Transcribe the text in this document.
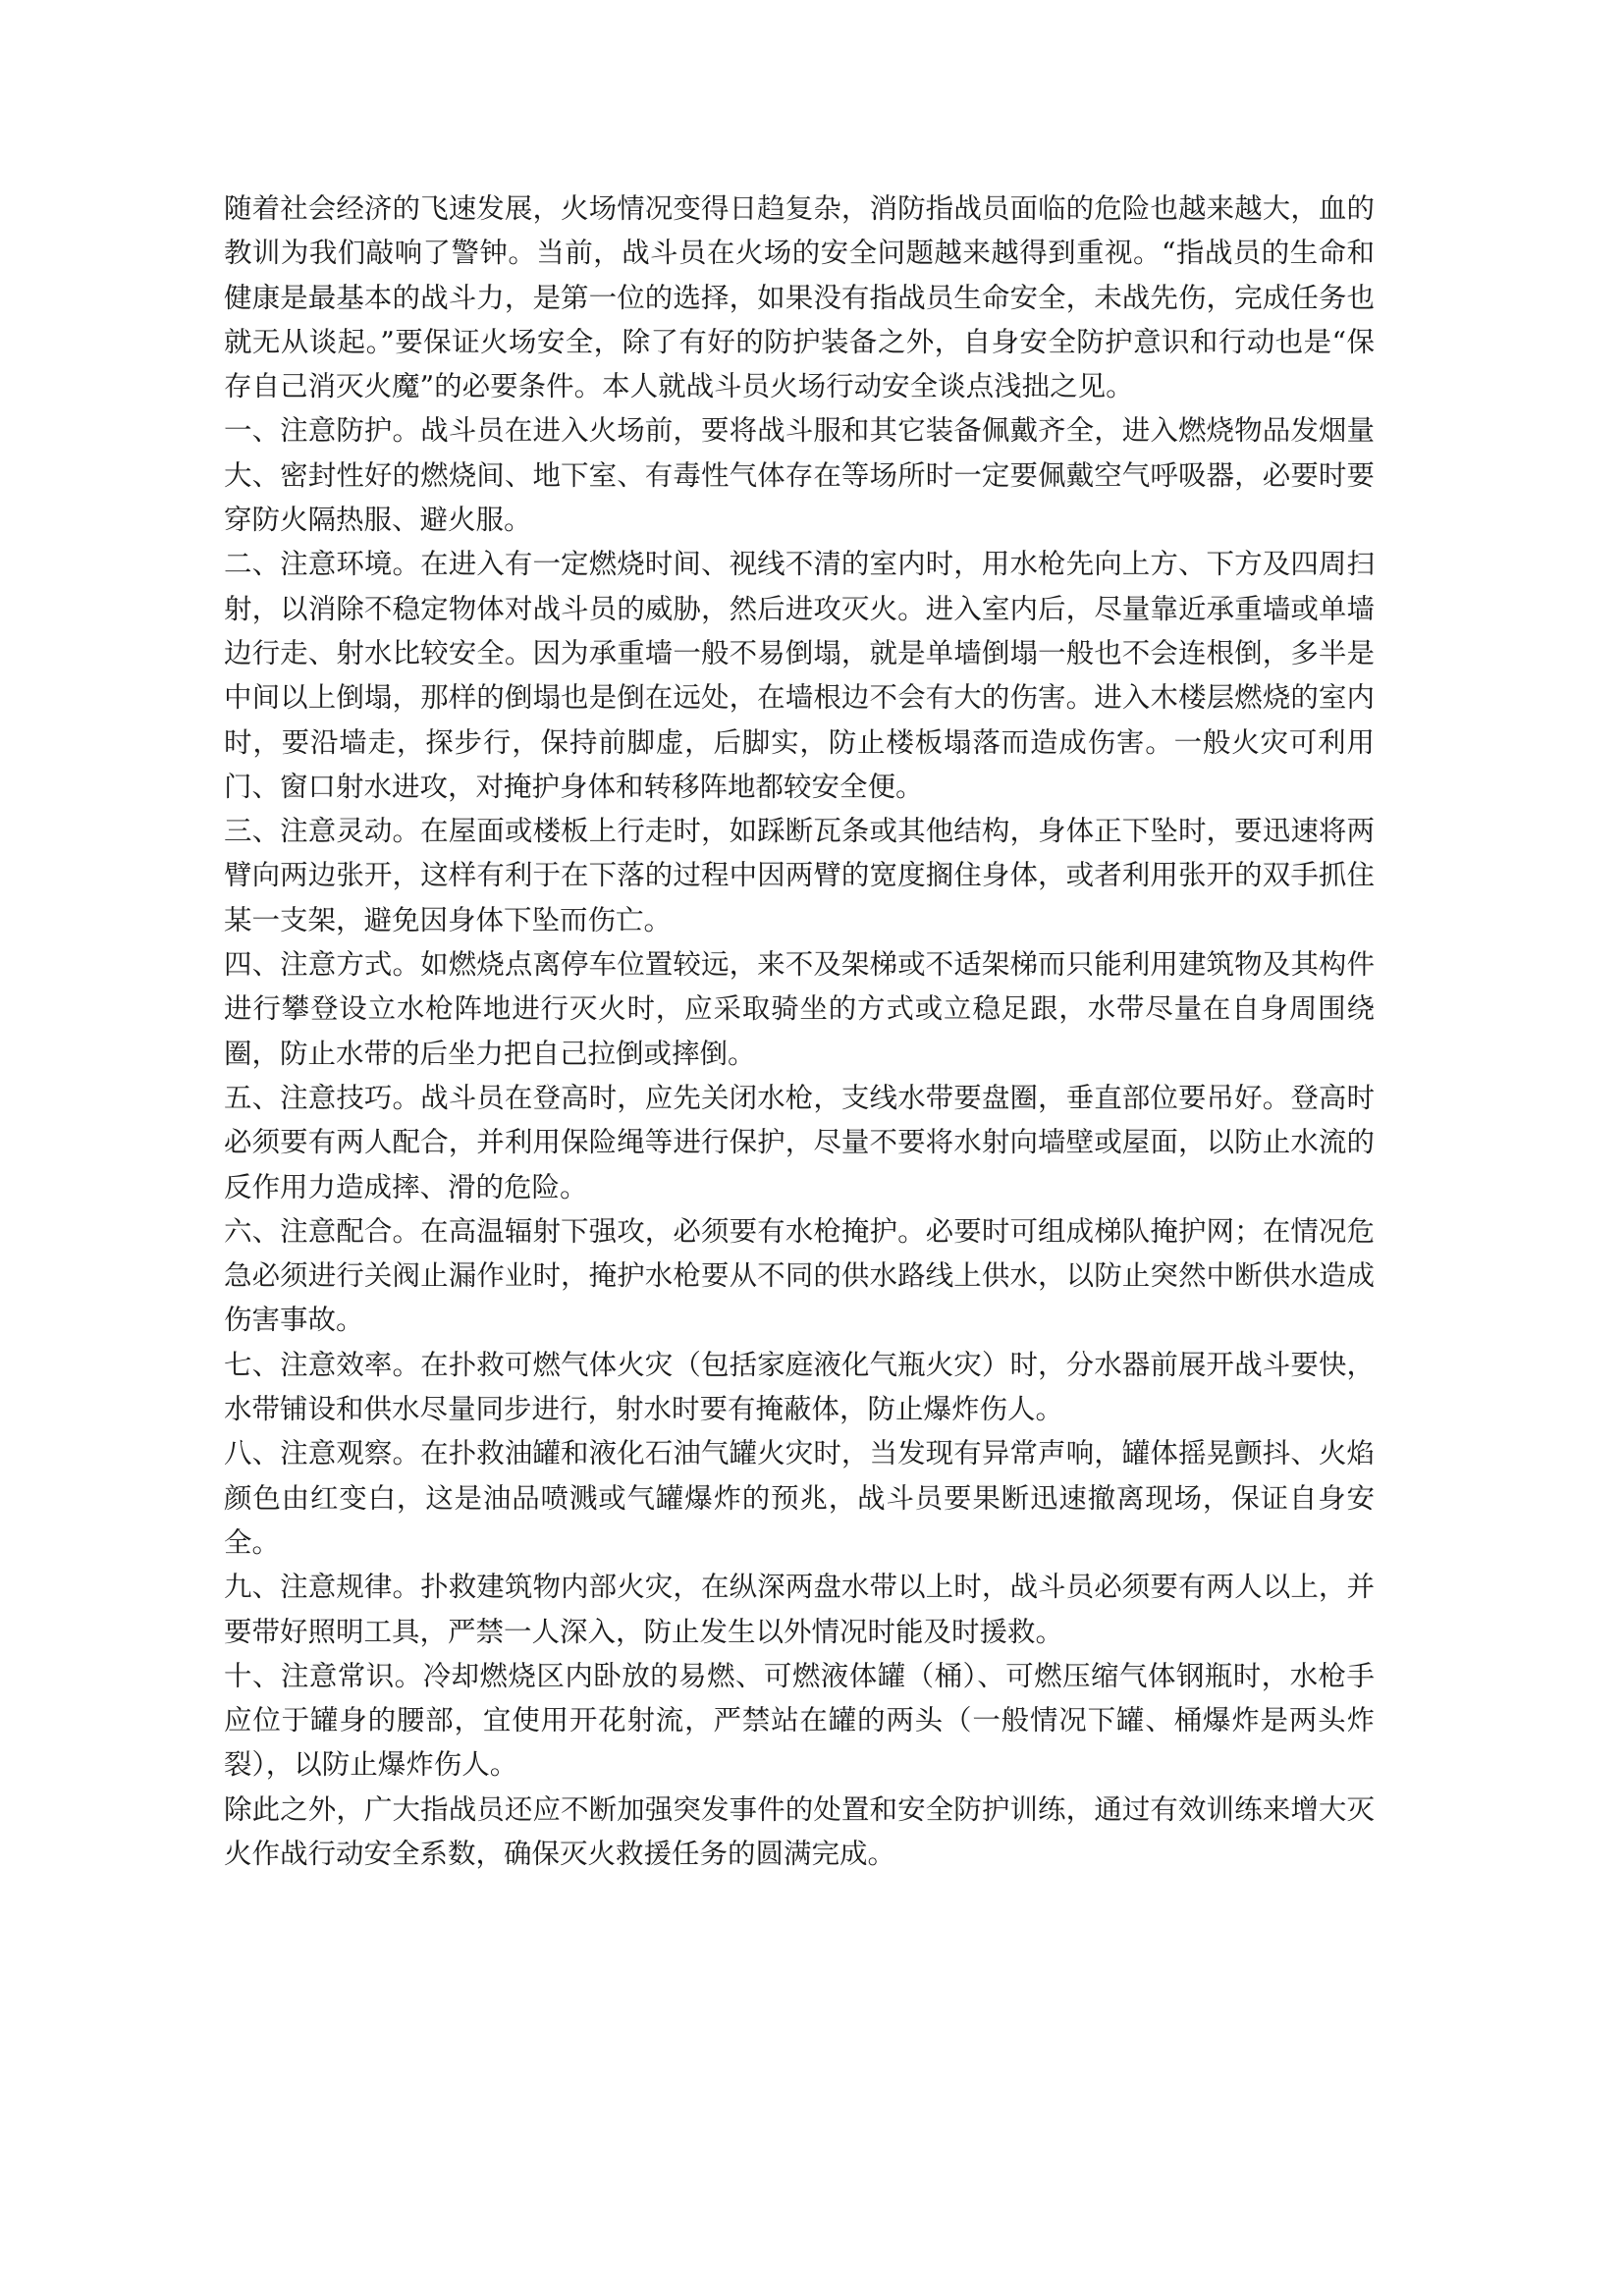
随着社会经济的飞速发展，火场情况变得日趋复杂，消防指战员面临的危险也越来越大，血的教训为我们敲响了警钟。当前，战斗员在火场的安全问题越来越得到重视。“指战员的生命和健康是最基本的战斗力，是第一位的选择，如果没有指战员生命安全，未战先伤，完成任务也就无从谈起。”要保证火场安全，除了有好的防护装备之外，自身安全防护意识和行动也是“保存自己消灭火魔”的必要条件。本人就战斗员火场行动安全谈点浅拙之见。

一、注意防护。战斗员在进入火场前，要将战斗服和其它装备佩戴齐全，进入燃烧物品发烟量大、密封性好的燃烧间、地下室、有毒性气体存在等场所时一定要佩戴空气呼吸器，必要时要穿防火隔热服、避火服。

二、注意环境。在进入有一定燃烧时间、视线不清的室内时，用水枪先向上方、下方及四周扫射，以消除不稳定物体对战斗员的威胁，然后进攻灭火。进入室内后，尽量靠近承重墙或单墙边行走、射水比较安全。因为承重墙一般不易倒塌，就是单墙倒塌一般也不会连根倒，多半是中间以上倒塌，那样的倒塌也是倒在远处，在墙根边不会有大的伤害。进入木楼层燃烧的室内时，要沿墙走，探步行，保持前脚虚，后脚实，防止楼板塌落而造成伤害。一般火灾可利用门、窗口射水进攻，对掩护身体和转移阵地都较安全便。

三、注意灵动。在屋面或楼板上行走时，如踩断瓦条或其他结构，身体正下坠时，要迅速将两臂向两边张开，这样有利于在下落的过程中因两臂的宽度搁住身体，或者利用张开的双手抓住某一支架，避免因身体下坠而伤亡。

四、注意方式。如燃烧点离停车位置较远，来不及架梯或不适架梯而只能利用建筑物及其构件进行攀登设立水枪阵地进行灭火时，应采取骑坐的方式或立稳足跟，水带尽量在自身周围绕圈，防止水带的后坐力把自己拉倒或摔倒。

五、注意技巧。战斗员在登高时，应先关闭水枪，支线水带要盘圈，垂直部位要吊好。登高时必须要有两人配合，并利用保险绳等进行保护，尽量不要将水射向墙壁或屋面，以防止水流的反作用力造成摔、滑的危险。

六、注意配合。在高温辐射下强攻，必须要有水枪掩护。必要时可组成梯队掩护网；在情况危急必须进行关阀止漏作业时，掩护水枪要从不同的供水路线上供水，以防止突然中断供水造成伤害事故。

七、注意效率。在扑救可燃气体火灾（包括家庭液化气瓶火灾）时，分水器前展开战斗要快，水带铺设和供水尽量同步进行，射水时要有掩蔽体，防止爆炸伤人。

八、注意观察。在扑救油罐和液化石油气罐火灾时，当发现有异常声响，罐体摇晃颤抖、火焰颜色由红变白，这是油品喷溅或气罐爆炸的预兆，战斗员要果断迅速撤离现场，保证自身安全。

九、注意规律。扑救建筑物内部火灾，在纵深两盘水带以上时，战斗员必须要有两人以上，并要带好照明工具，严禁一人深入，防止发生以外情况时能及时援救。

十、注意常识。冷却燃烧区内卧放的易燃、可燃液体罐（桶）、可燃压缩气体钢瓶时，水枪手应位于罐身的腰部，宜使用开花射流，严禁站在罐的两头（一般情况下罐、桶爆炸是两头炸裂），以防止爆炸伤人。

除此之外，广大指战员还应不断加强突发事件的处置和安全防护训练，通过有效训练来增大灭火作战行动安全系数，确保灭火救援任务的圆满完成。
